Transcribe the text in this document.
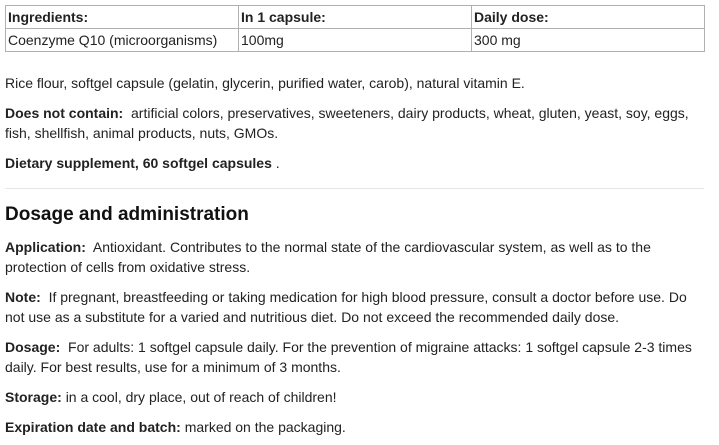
Ingredients:	In 1 capsule:	Daily dose:
Coenzyme Q10 (microorganisms)	100mg	300 mg

Rice flour, softgel capsule (gelatin, glycerin, purified water, carob), natural vitamin E.

Does not contain: artificial colors, preservatives, sweeteners, dairy products, wheat, gluten, yeast, soy, eggs, fish, shellfish, animal products, nuts, GMOs.

Dietary supplement, 60 softgel capsules .

Dosage and administration

Application: Antioxidant. Contributes to the normal state of the cardiovascular system, as well as to the protection of cells from oxidative stress.

Note: If pregnant, breastfeeding or taking medication for high blood pressure, consult a doctor before use. Do not use as a substitute for a varied and nutritious diet. Do not exceed the recommended daily dose.

Dosage: For adults: 1 softgel capsule daily. For the prevention of migraine attacks: 1 softgel capsule 2-3 times daily. For best results, use for a minimum of 3 months.

Storage: in a cool, dry place, out of reach of children!

Expiration date and batch: marked on the packaging.
